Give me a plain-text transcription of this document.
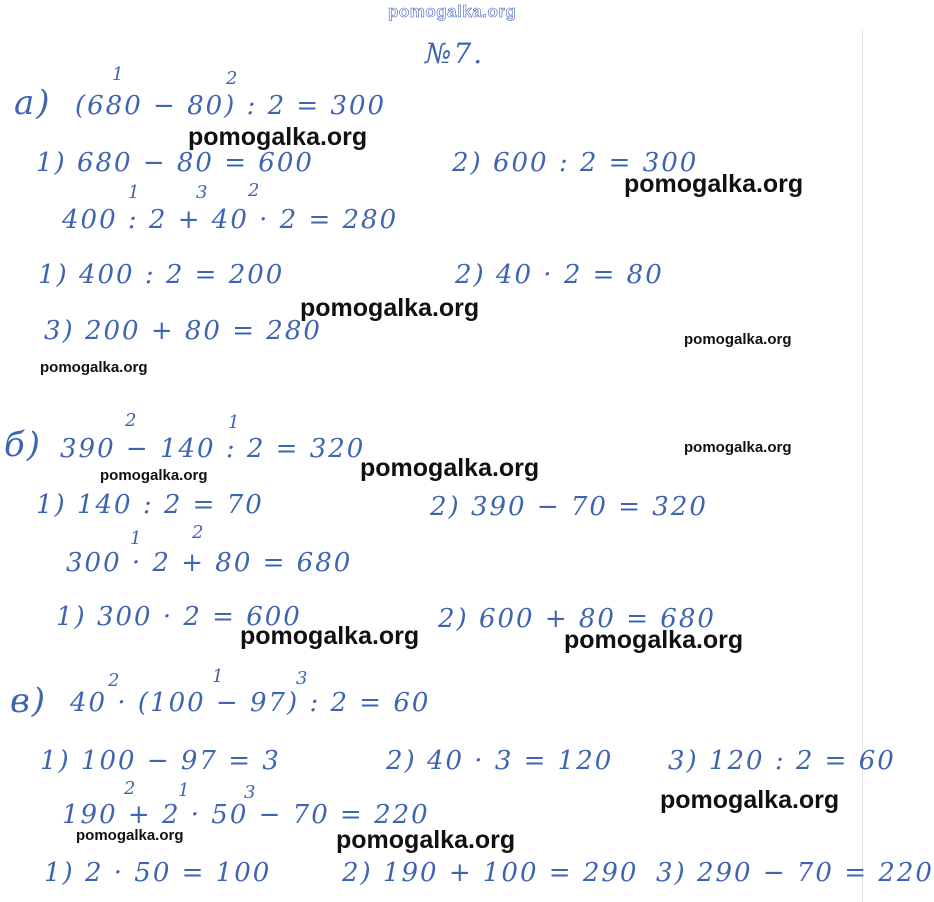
pomogalka.org
№7.
а)
1	2
(680 − 80) : 2 = 300
1) 680 − 80 = 600	2) 600 : 2 = 300
1	3 2
400 : 2 + 40 · 2 = 280
1) 400 : 2 = 200	2) 40 · 2 = 80
3) 200 + 80 = 280
б)
2	1
390 − 140 : 2 = 320
1) 140 : 2 = 70	2) 390 − 70 = 320
1	2
300 · 2 + 80 = 680
1) 300 · 2 = 600	2) 600 + 80 = 680
в)
2	1	3
40 · (100 − 97) : 2 = 60
1) 100 − 97 = 3	2) 40 · 3 = 120 3) 120 : 2 = 60
2 1	3
190 + 2 · 50 − 70 = 220
1) 2 · 50 = 100	2) 190 + 100 = 290 3) 290 − 70 = 220
pomogalka.org
pomogalka.org
pomogalka.org
pomogalka.org
pomogalka.org
pomogalka.org
pomogalka.org
pomogalka.org
pomogalka.org	pomogalka.org
pomogalka.org
pomogalka.org	pomogalka.org
